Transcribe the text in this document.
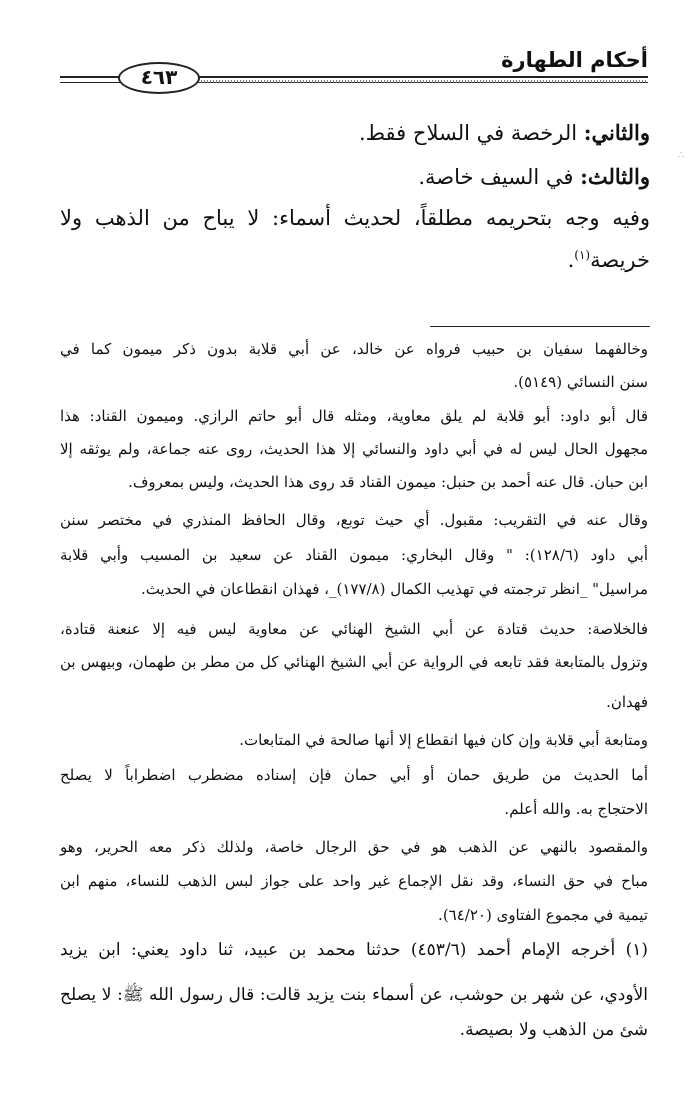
أحكام الطهارة
٤٦٣
∴
والثاني: الرخصة في السلاح فقط.
والثالث: في السيف خاصة.
وفيه وجه بتحريمه مطلقاً، لحديث أسماء: لا يباح من الذهب ولا
خريصة$^{(١)}$.
وخالفهما سفيان بن حبيب فرواه عن خالد، عن أبي قلابة بدون ذكر ميمون كما في
سنن النسائي (٥١٤٩).
قال أبو داود: أبو قلابة لم يلق معاوية، ومثله قال أبو حاتم الرازي. وميمون القناد: هذا
مجهول الحال ليس له في أبي داود والنسائي إلا هذا الحديث، روى عنه جماعة، ولم يوثقه إلا
ابن حبان. قال عنه أحمد بن حنبل: ميمون القناد قد روى هذا الحديث، وليس بمعروف.
وقال عنه في التقريب: مقبول. أي حيث توبع، وقال الحافظ المنذري في مختصر سنن
أبي داود (١٢٨/٦): " وقال البخاري: ميمون القناد عن سعيد بن المسيب وأبي قلابة
مراسيل" _انظر ترجمته في تهذيب الكمال (١٧٧/٨)_، فهذان انقطاعان في الحديث.
فالخلاصة: حديث قتادة عن أبي الشيخ الهنائي عن معاوية ليس فيه إلا عنعنة قتادة،
وتزول بالمتابعة فقد تابعه في الرواية عن أبي الشيخ الهنائي كل من مطر بن طهمان، وبيهس بن
فهدان.
ومتابعة أبي قلابة وإن كان فيها انقطاع إلا أنها صالحة في المتابعات.
أما الحديث من طريق حمان أو أبي حمان فإن إسناده مضطرب اضطراباً لا يصلح
الاحتجاج به. والله أعلم.
والمقصود بالنهي عن الذهب هو في حق الرجال خاصة، ولذلك ذكر معه الحرير، وهو
مباح في حق النساء، وقد نقل الإجماع غير واحد على جواز لبس الذهب للنساء، منهم ابن
تيمية في مجموع الفتاوى (٦٤/٢٠).
(١) أخرجه الإمام أحمد (٤٥٣/٦) حدثنا محمد بن عبيد، ثنا داود يعني: ابن يزيد
الأودي، عن شهر بن حوشب، عن أسماء بنت يزيد قالت: قال رسول الله ﷺ: لا يصلح
شئ من الذهب ولا بصيصة.
